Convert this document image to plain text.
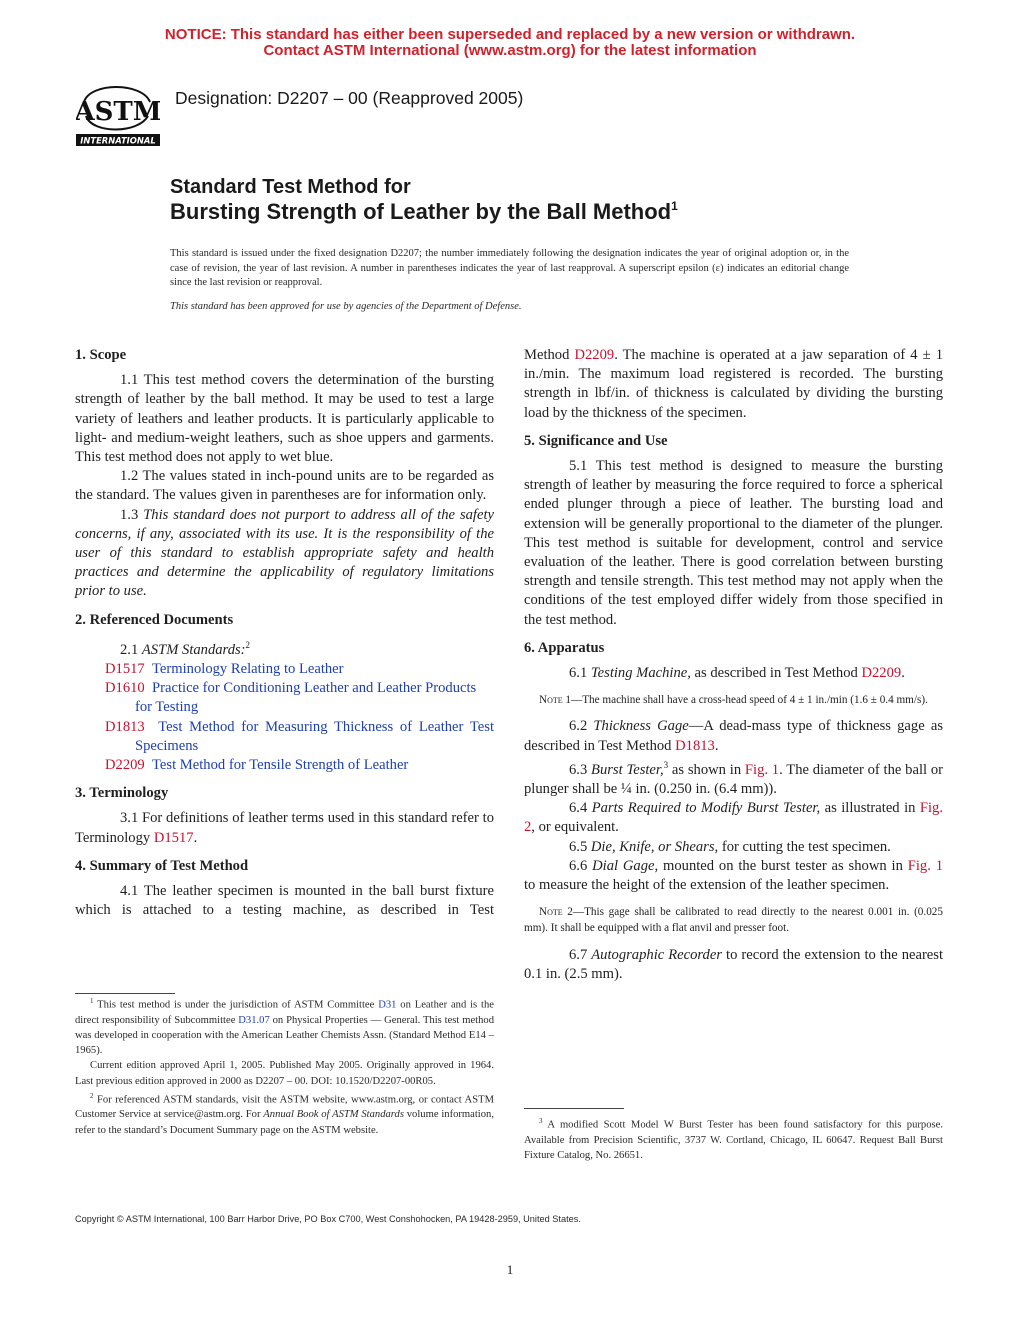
NOTICE: This standard has either been superseded and replaced by a new version or withdrawn.
Contact ASTM International (www.astm.org) for the latest information
ASTM
INTERNATIONAL
Designation: D2207 – 00 (Reapproved 2005)
Standard Test Method for
Bursting Strength of Leather by the Ball Method$^1$
This standard is issued under the fixed designation D2207; the number immediately following the designation indicates the year of original adoption or, in the case of revision, the year of last revision. A number in parentheses indicates the year of last reapproval. A superscript epsilon (ε) indicates an editorial change since the last revision or reapproval.
This standard has been approved for use by agencies of the Department of Defense.

1. Scope

1.1 This test method covers the determination of the bursting strength of leather by the ball method. It may be used to test a large variety of leathers and leather products. It is particularly applicable to light- and medium-weight leathers, such as shoe uppers and garments. This test method does not apply to wet blue.

1.2 The values stated in inch-pound units are to be regarded as the standard. The values given in parentheses are for information only.

1.3 This standard does not purport to address all of the safety concerns, if any, associated with its use. It is the responsibility of the user of this standard to establish appropriate safety and health practices and determine the applicability of regulatory limitations prior to use.

2. Referenced Documents

2.1 ASTM Standards:$^2$

D1517 Terminology Relating to Leather

D1610 Practice for Conditioning Leather and Leather Products for Testing

D1813 Test Method for Measuring Thickness of Leather Test Specimens

D2209 Test Method for Tensile Strength of Leather

3. Terminology

3.1 For definitions of leather terms used in this standard refer to Terminology D1517.

4. Summary of Test Method

4.1 The leather specimen is mounted in the ball burst fixture which is attached to a testing machine, as described in Test

$^1$ This test method is under the jurisdiction of ASTM Committee D31 on Leather and is the direct responsibility of Subcommittee D31.07 on Physical Properties — General. This test method was developed in cooperation with the American Leather Chemists Assn. (Standard Method E14 – 1965).

Current edition approved April 1, 2005. Published May 2005. Originally approved in 1964. Last previous edition approved in 2000 as D2207 – 00. DOI: 10.1520/D2207-00R05.

$^2$ For referenced ASTM standards, visit the ASTM website, www.astm.org, or contact ASTM Customer Service at service@astm.org. For Annual Book of ASTM Standards volume information, refer to the standard’s Document Summary page on the ASTM website.

Method D2209. The machine is operated at a jaw separation of 4 ± 1 in./min. The maximum load registered is recorded. The bursting strength in lbf/in. of thickness is calculated by dividing the bursting load by the thickness of the specimen.

5. Significance and Use

5.1 This test method is designed to measure the bursting strength of leather by measuring the force required to force a spherical ended plunger through a piece of leather. The bursting load and extension will be generally proportional to the diameter of the plunger. This test method is suitable for development, control and service evaluation of the leather. There is good correlation between bursting strength and tensile strength. This test method may not apply when the conditions of the test employed differ widely from those specified in the test method.

6. Apparatus

6.1 Testing Machine, as described in Test Method D2209.

Note 1—The machine shall have a cross-head speed of 4 ± 1 in./min (1.6 ± 0.4 mm/s).

6.2 Thickness Gage—A dead-mass type of thickness gage as described in Test Method D1813.

6.3 Burst Tester,$^3$ as shown in Fig. 1. The diameter of the ball or plunger shall be ¼ in. (0.250 in. (6.4 mm)).

6.4 Parts Required to Modify Burst Tester, as illustrated in Fig. 2, or equivalent.

6.5 Die, Knife, or Shears, for cutting the test specimen.

6.6 Dial Gage, mounted on the burst tester as shown in Fig. 1 to measure the height of the extension of the leather specimen.

Note 2—This gage shall be calibrated to read directly to the nearest 0.001 in. (0.025 mm). It shall be equipped with a flat anvil and presser foot.

6.7 Autographic Recorder to record the extension to the nearest 0.1 in. (2.5 mm).

$^3$ A modified Scott Model W Burst Tester has been found satisfactory for this purpose. Available from Precision Scientific, 3737 W. Cortland, Chicago, IL 60647. Request Ball Burst Fixture Catalog, No. 26651.

Copyright © ASTM International, 100 Barr Harbor Drive, PO Box C700, West Conshohocken, PA 19428-2959, United States.
1
